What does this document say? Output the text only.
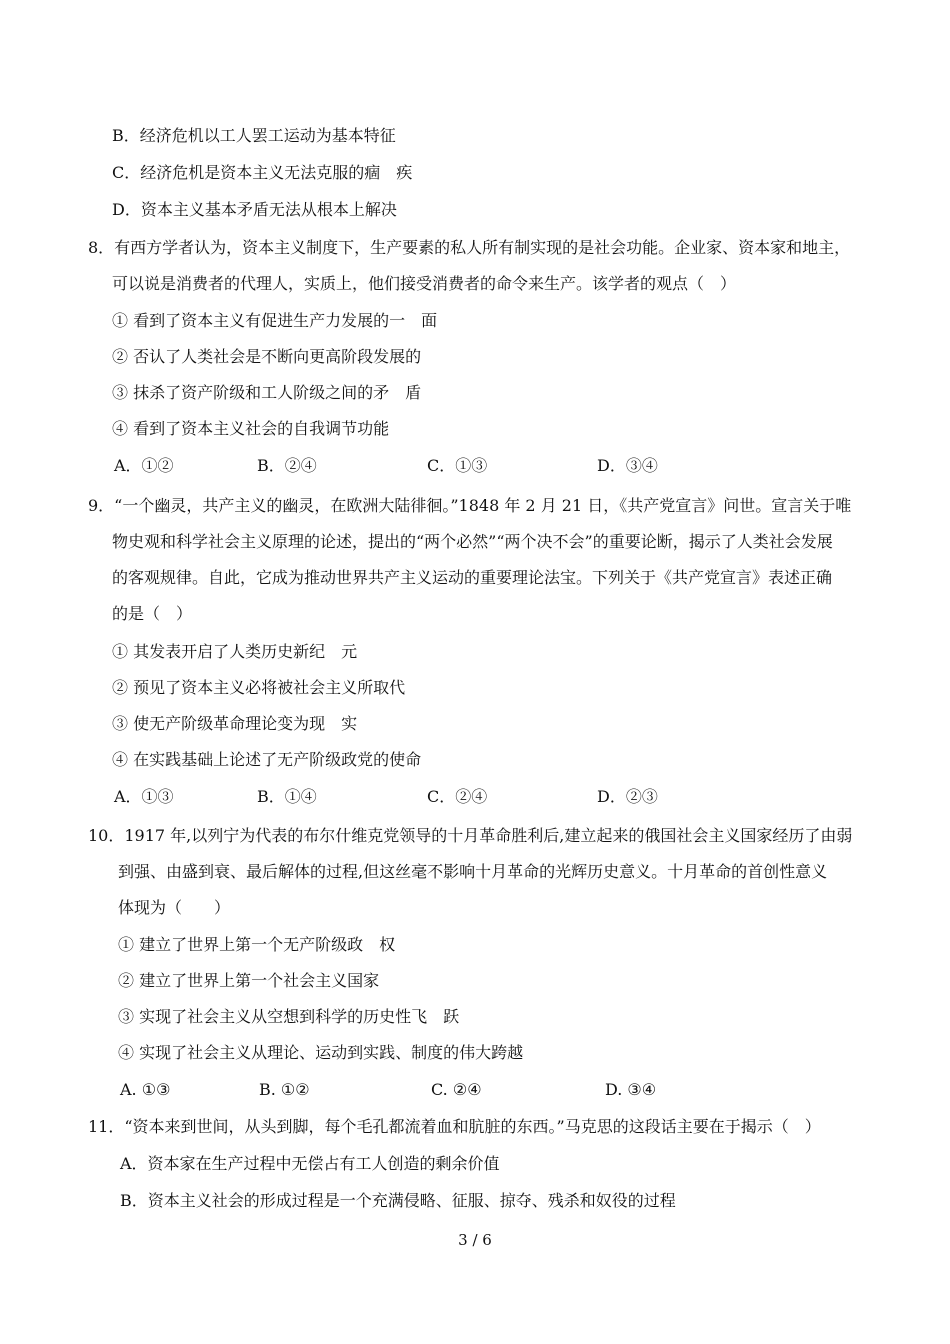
B．经济危机以工人罢工运动为基本特征
C．经济危机是资本主义无法克服的痼　疾
D．资本主义基本矛盾无法从根本上解决
8．有西方学者认为，资本主义制度下，生产要素的私人所有制实现的是社会功能。企业家、资本家和地主，
可以说是消费者的代理人，实质上，他们接受消费者的命令来生产。该学者的观点（　）
① 看到了资本主义有促进生产力发展的一　面
② 否认了人类社会是不断向更高阶段发展的
③ 抹杀了资产阶级和工人阶级之间的矛　盾
④ 看到了资本主义社会的自我调节功能
A．①②	B．②④	C．①③	D．③④
9．“一个幽灵，共产主义的幽灵，在欧洲大陆徘徊。”1848 年 2 月 21 日，《共产党宣言》问世。宣言关于唯
物史观和科学社会主义原理的论述，提出的“两个必然”“两个决不会”的重要论断，揭示了人类社会发展
的客观规律。自此，它成为推动世界共产主义运动的重要理论法宝。下列关于《共产党宣言》表述正确
的是（　）
① 其发表开启了人类历史新纪　元
② 预见了资本主义必将被社会主义所取代
③ 使无产阶级革命理论变为现　实
④ 在实践基础上论述了无产阶级政党的使命
A．①③	B．①④	C．②④	D．②③
10．1917 年,以列宁为代表的布尔什维克党领导的十月革命胜利后,建立起来的俄国社会主义国家经历了由弱
到强、由盛到衰、最后解体的过程,但这丝毫不影响十月革命的光辉历史意义。十月革命的首创性意义
体现为（　　）
① 建立了世界上第一个无产阶级政　权
② 建立了世界上第一个社会主义国家
③ 实现了社会主义从空想到科学的历史性飞　跃
④ 实现了社会主义从理论、运动到实践、制度的伟大跨越
A. ①③	B. ①②	C. ②④	D. ③④
11．“资本来到世间，从头到脚，每个毛孔都流着血和肮脏的东西。”马克思的这段话主要在于揭示（　）
A．资本家在生产过程中无偿占有工人创造的剩余价值
B．资本主义社会的形成过程是一个充满侵略、征服、掠夺、残杀和奴役的过程
3 / 6
